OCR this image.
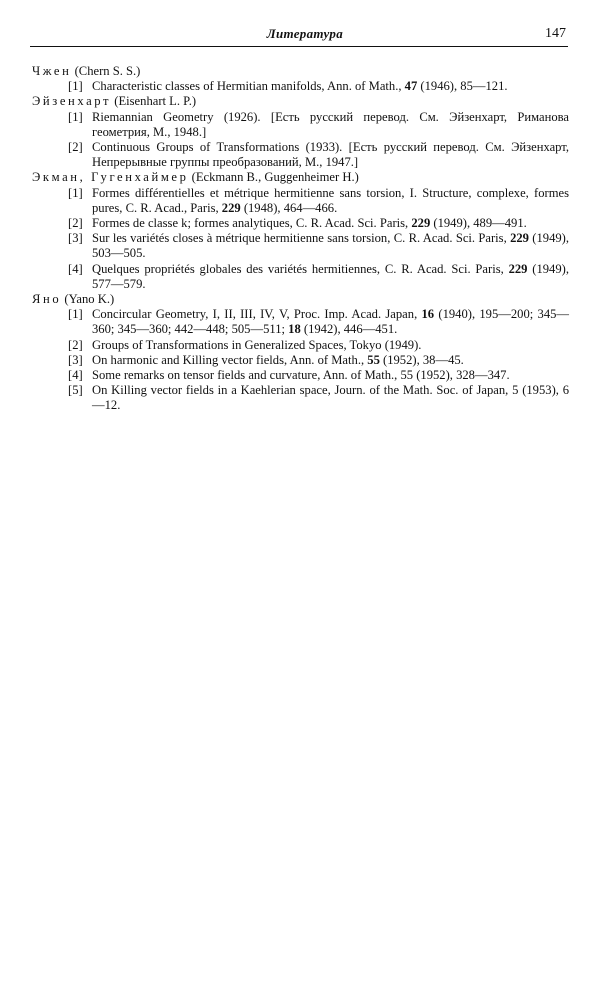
Литература	147

Чжен (Chern S. S.)

[1] Characteristic classes of Hermitian manifolds, Ann. of Math., 47 (1946), 85—121.

Эйзенхарт (Eisenhart L. P.)

[1] Riemannian Geometry (1926). [Есть русский перевод. См. Эйзенхарт, Риманова геометрия, М., 1948.]

[2] Continuous Groups of Transformations (1933). [Есть русский перевод. См. Эйзенхарт, Непрерывные группы преобразований, М., 1947.]

Экман, Гугенхаймер (Eckmann B., Guggenheimer H.)

[1] Formes différentielles et métrique hermitienne sans torsion, I. Structure, complexe, formes pures, C. R. Acad., Paris, 229 (1948), 464—466.

[2] Formes de classe k; formes analytiques, C. R. Acad. Sci. Paris, 229 (1949), 489—491.

[3] Sur les variétés closes à métrique hermitienne sans torsion, C. R. Acad. Sci. Paris, 229 (1949), 503—505.

[4] Quelques propriétés globales des variétés hermitiennes, C. R. Acad. Sci. Paris, 229 (1949), 577—579.

Яно (Yano K.)

[1] Concircular Geometry, I, II, III, IV, V, Proc. Imp. Acad. Japan, 16 (1940), 195—200; 345—360; 345—360; 442—448; 505—511; 18 (1942), 446—451.

[2] Groups of Transformations in Generalized Spaces, Tokyo (1949).

[3] On harmonic and Killing vector fields, Ann. of Math., 55 (1952), 38—45.

[4] Some remarks on tensor fields and curvature, Ann. of Math., 55 (1952), 328—347.

[5] On Killing vector fields in a Kaehlerian space, Journ. of the Math. Soc. of Japan, 5 (1953), 6—12.
